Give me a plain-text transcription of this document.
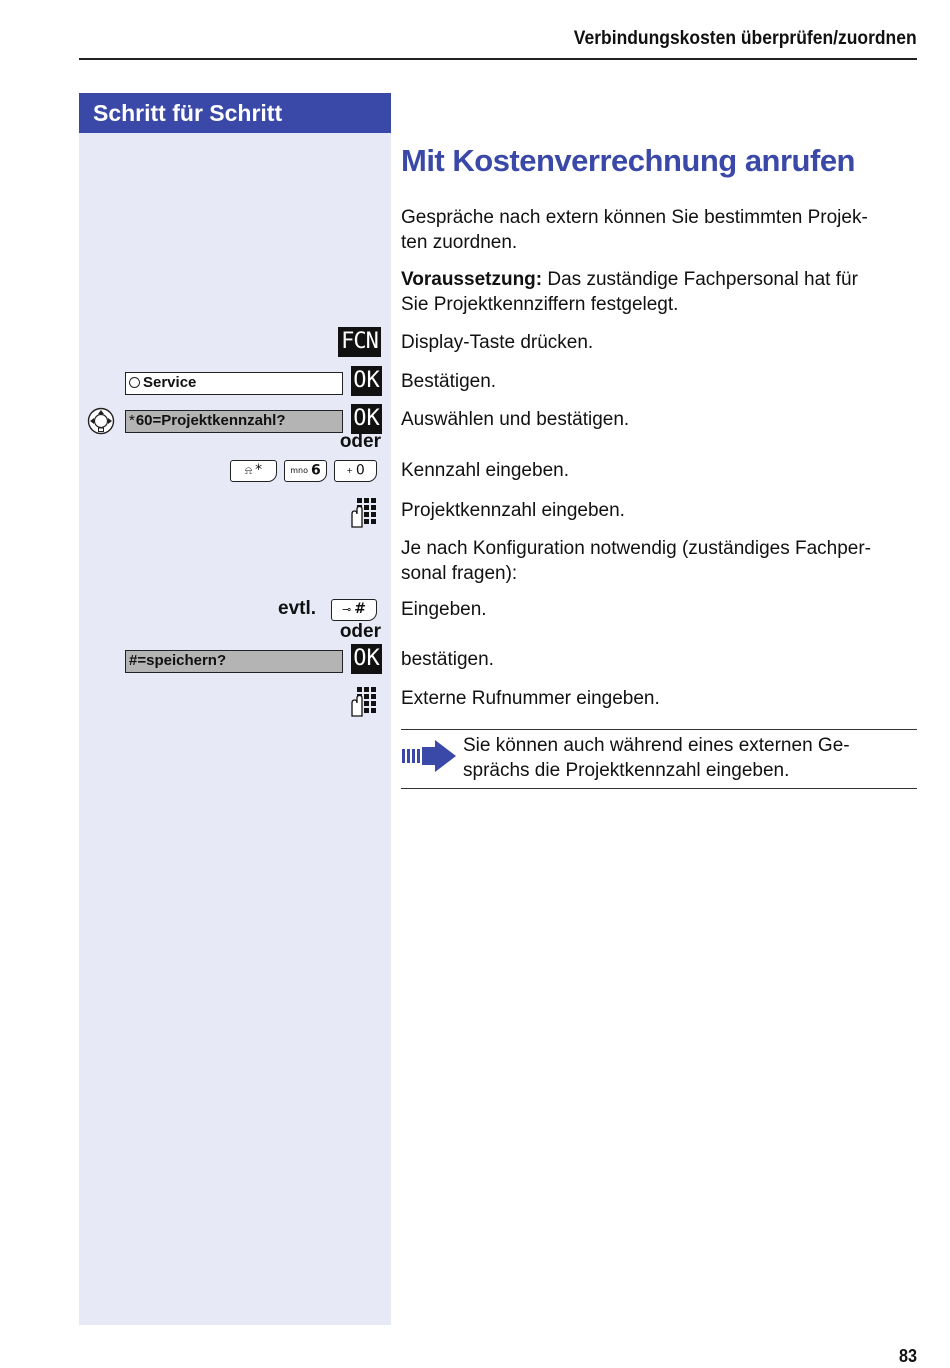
Verbindungskosten überprüfen/zuordnen
Schritt für Schritt
Mit Kostenverrechnung anrufen
Gespräche nach extern können Sie bestimmten Projek-
ten zuordnen.
Voraussetzung: Das zuständige Fachpersonal hat für
Sie Projektkennziffern festgelegt.
FCN Display-Taste drücken.
Service	OK Bestätigen.
*60=Projektkennzahl?	OK Auswählen und bestätigen.
oder
⍾ *	mno 6	+ 0	Kennzahl eingeben.
Projektkennzahl eingeben.
Je nach Konfiguration notwendig (zuständiges Fachper-
sonal fragen):
evtl.	⊸ #	Eingeben.
oder
#=speichern?	OK bestätigen.
Externe Rufnummer eingeben.
Sie können auch während eines externen Ge-
sprächs die Projektkennzahl eingeben.
83
